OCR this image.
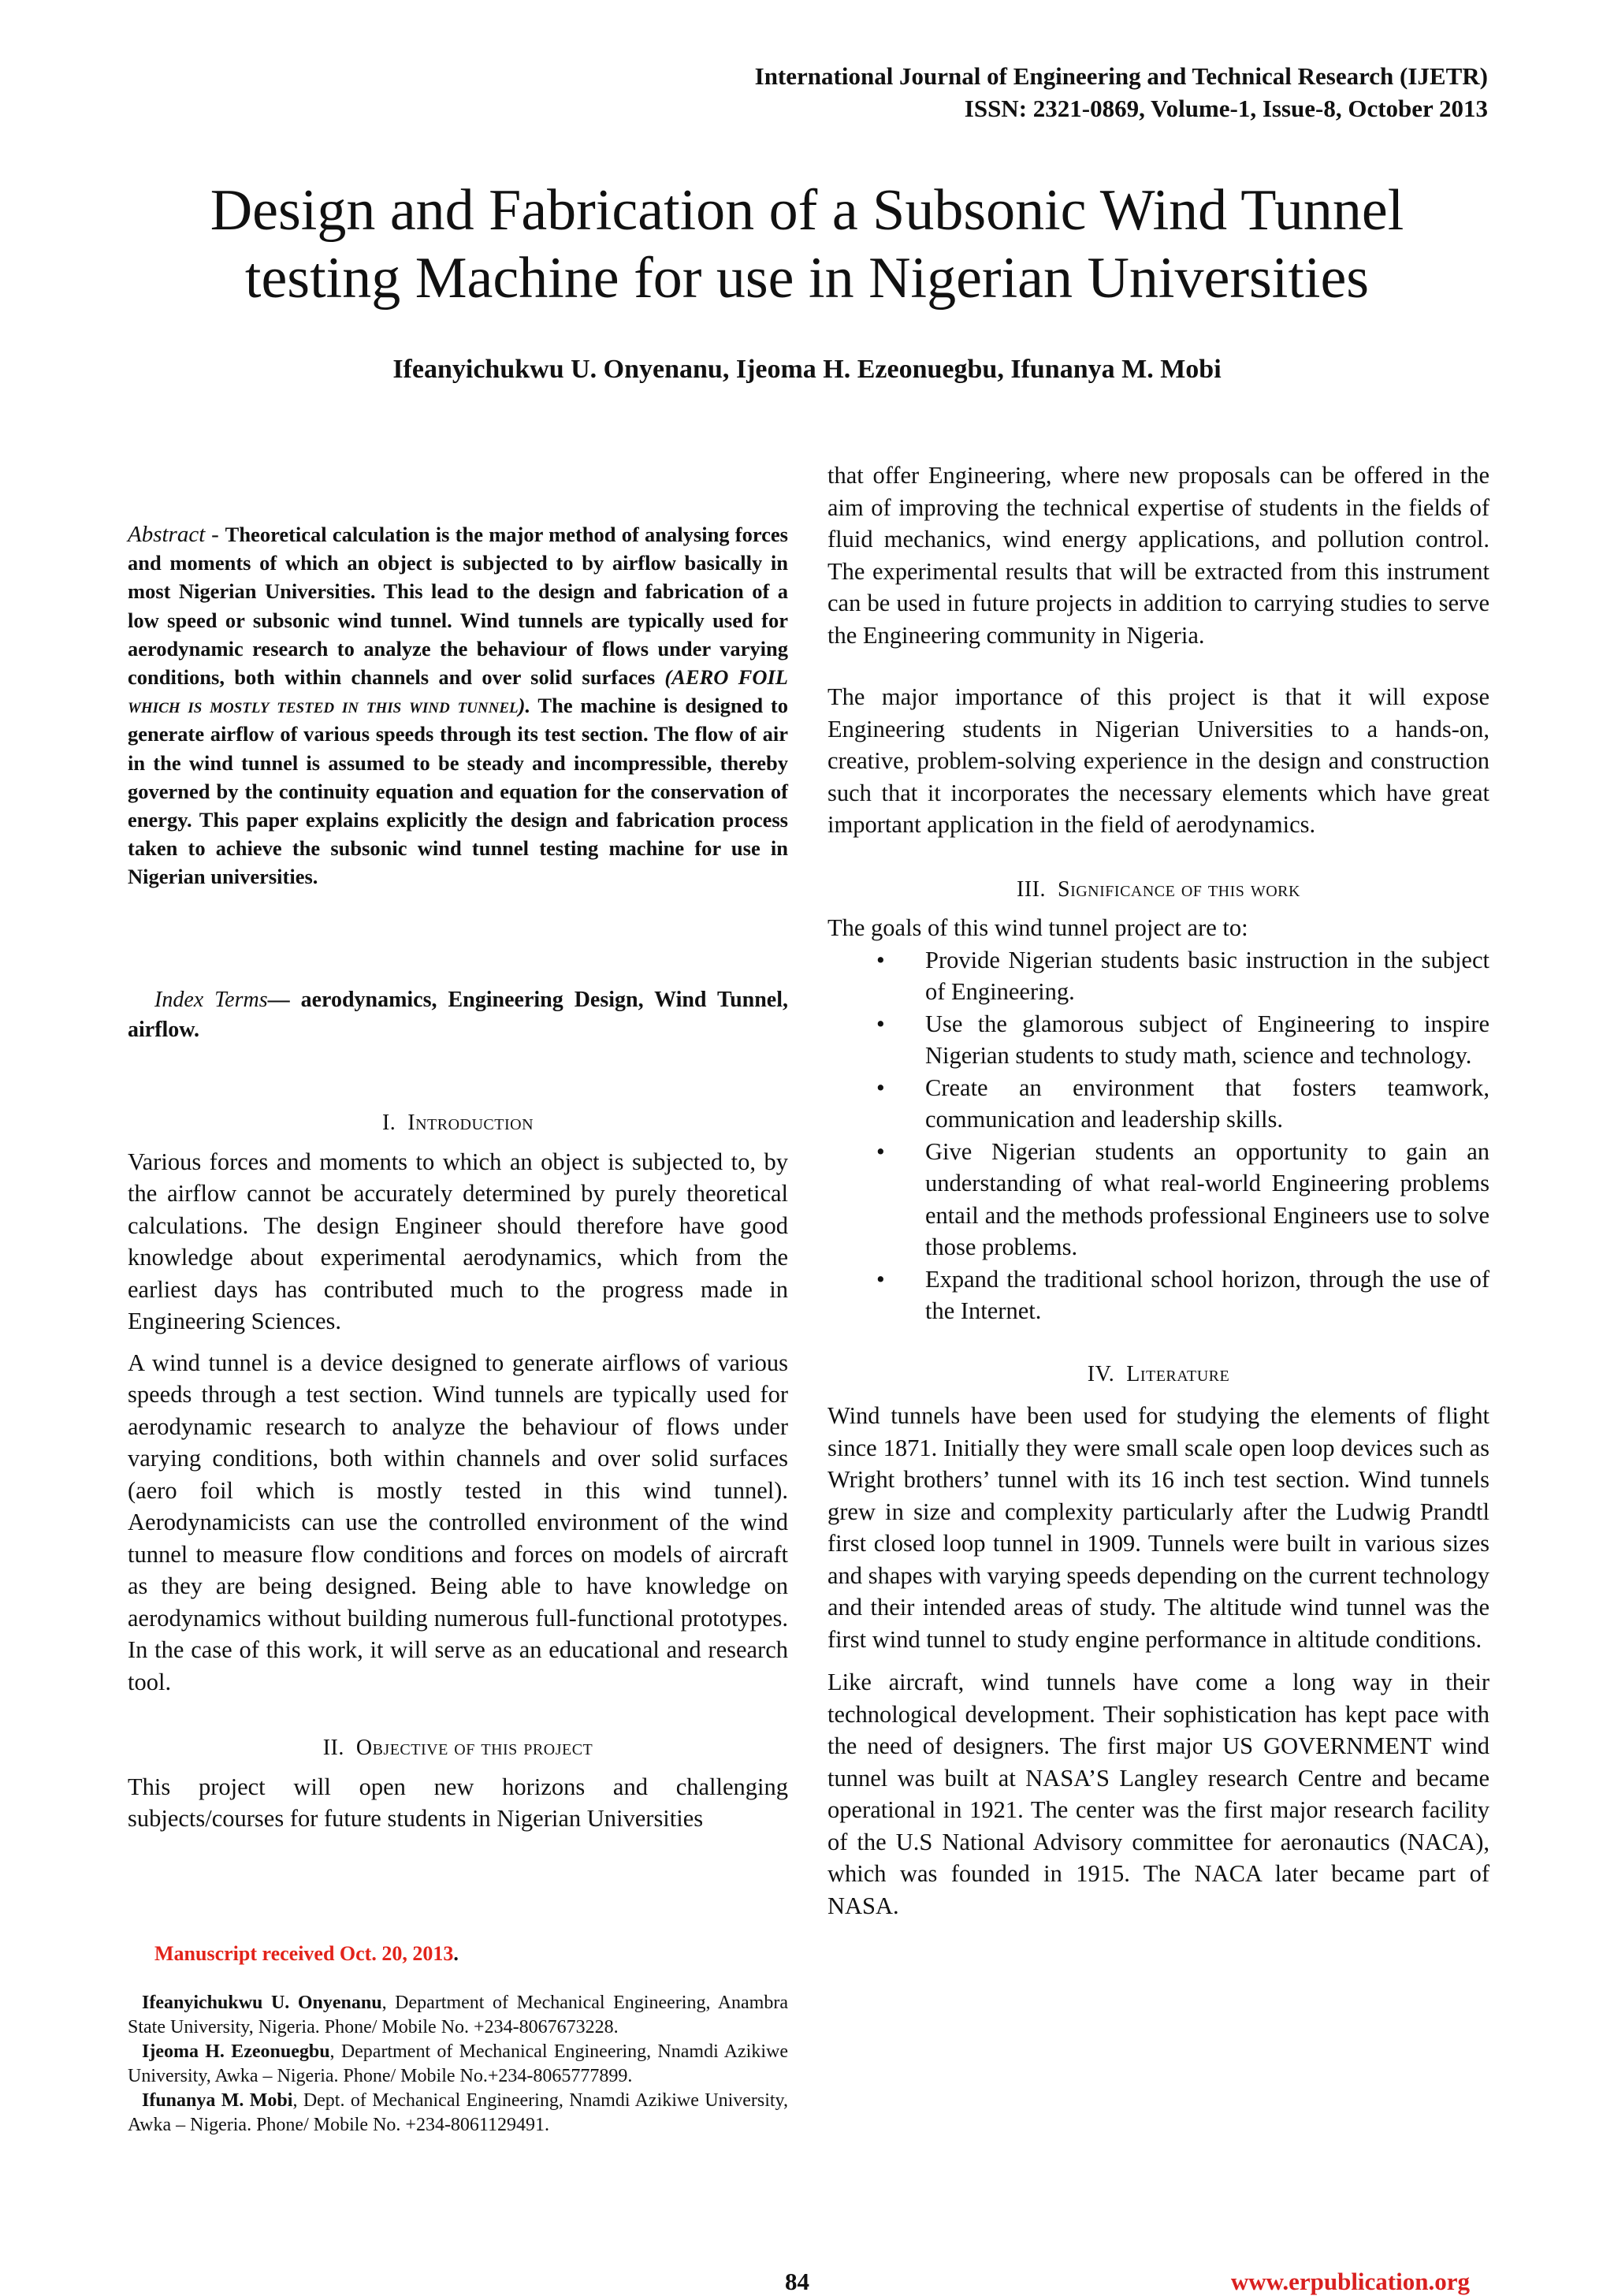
International Journal of Engineering and Technical Research (IJETR)
ISSN: 2321-0869, Volume-1, Issue-8, October 2013
Design and Fabrication of a Subsonic Wind Tunnel
testing Machine for use in Nigerian Universities
Ifeanyichukwu U. Onyenanu, Ijeoma H. Ezeonuegbu, Ifunanya M. Mobi
Abstract - Theoretical calculation is the major method of analysing forces and moments of which an object is subjected to by airflow basically in most Nigerian Universities. This lead to the design and fabrication of a low speed or subsonic wind tunnel. Wind tunnels are typically used for aerodynamic research to analyze the behaviour of flows under varying conditions, both within channels and over solid surfaces (AERO FOIL which is mostly tested in this wind tunnel). The machine is designed to generate airflow of various speeds through its test section. The flow of air in the wind tunnel is assumed to be steady and incompressible, thereby governed by the continuity equation and equation for the conservation of energy. This paper explains explicitly the design and fabrication process taken to achieve the subsonic wind tunnel testing machine for use in Nigerian universities.
Index Terms— aerodynamics, Engineering Design, Wind Tunnel, airflow.
I. Introduction

Various forces and moments to which an object is subjected to, by the airflow cannot be accurately determined by purely theoretical calculations. The design Engineer should therefore have good knowledge about experimental aerodynamics, which from the earliest days has contributed much to the progress made in Engineering Sciences.

A wind tunnel is a device designed to generate airflows of various speeds through a test section. Wind tunnels are typically used for aerodynamic research to analyze the behaviour of flows under varying conditions, both within channels and over solid surfaces (aero foil which is mostly tested in this wind tunnel). Aerodynamicists can use the controlled environment of the wind tunnel to measure flow conditions and forces on models of aircraft as they are being designed. Being able to have knowledge on aerodynamics without building numerous full-functional prototypes. In the case of this work, it will serve as an educational and research tool.

II. Objective of this project

This project will open new horizons and challenging subjects/courses for future students in Nigerian Universities

Manuscript received Oct. 20, 2013.
Ifeanyichukwu U. Onyenanu, Department of Mechanical Engineering, Anambra State University, Nigeria. Phone/ Mobile No. +234-8067673228.
Ijeoma H. Ezeonuegbu, Department of Mechanical Engineering, Nnamdi Azikiwe University, Awka – Nigeria. Phone/ Mobile No.+234-8065777899.
Ifunanya M. Mobi, Dept. of Mechanical Engineering, Nnamdi Azikiwe University, Awka – Nigeria. Phone/ Mobile No. +234-8061129491.

that offer Engineering, where new proposals can be offered in the aim of improving the technical expertise of students in the fields of fluid mechanics, wind energy applications, and pollution control. The experimental results that will be extracted from this instrument can be used in future projects in addition to carrying studies to serve the Engineering community in Nigeria.

The major importance of this project is that it will expose Engineering students in Nigerian Universities to a hands-on, creative, problem-solving experience in the design and construction such that it incorporates the necessary elements which have great important application in the field of aerodynamics.

III. Significance of this work

The goals of this wind tunnel project are to:

• Provide Nigerian students basic instruction in the subject of Engineering.
• Use the glamorous subject of Engineering to inspire Nigerian students to study math, science and technology.
• Create an environment that fosters teamwork, communication and leadership skills.
• Give Nigerian students an opportunity to gain an understanding of what real-world Engineering problems entail and the methods professional Engineers use to solve those problems.
• Expand the traditional school horizon, through the use of the Internet.
IV. Literature

Wind tunnels have been used for studying the elements of flight since 1871. Initially they were small scale open loop devices such as Wright brothers’ tunnel with its 16 inch test section. Wind tunnels grew in size and complexity particularly after the Ludwig Prandtl first closed loop tunnel in 1909. Tunnels were built in various sizes and shapes with varying speeds depending on the current technology and their intended areas of study. The altitude wind tunnel was the first wind tunnel to study engine performance in altitude conditions.

Like aircraft, wind tunnels have come a long way in their technological development. Their sophistication has kept pace with the need of designers. The first major US GOVERNMENT wind tunnel was built at NASA’S Langley research Centre and became operational in 1921. The center was the first major research facility of the U.S National Advisory committee for aeronautics (NACA), which was founded in 1915. The NACA later became part of NASA.

84	www.erpublication.org
